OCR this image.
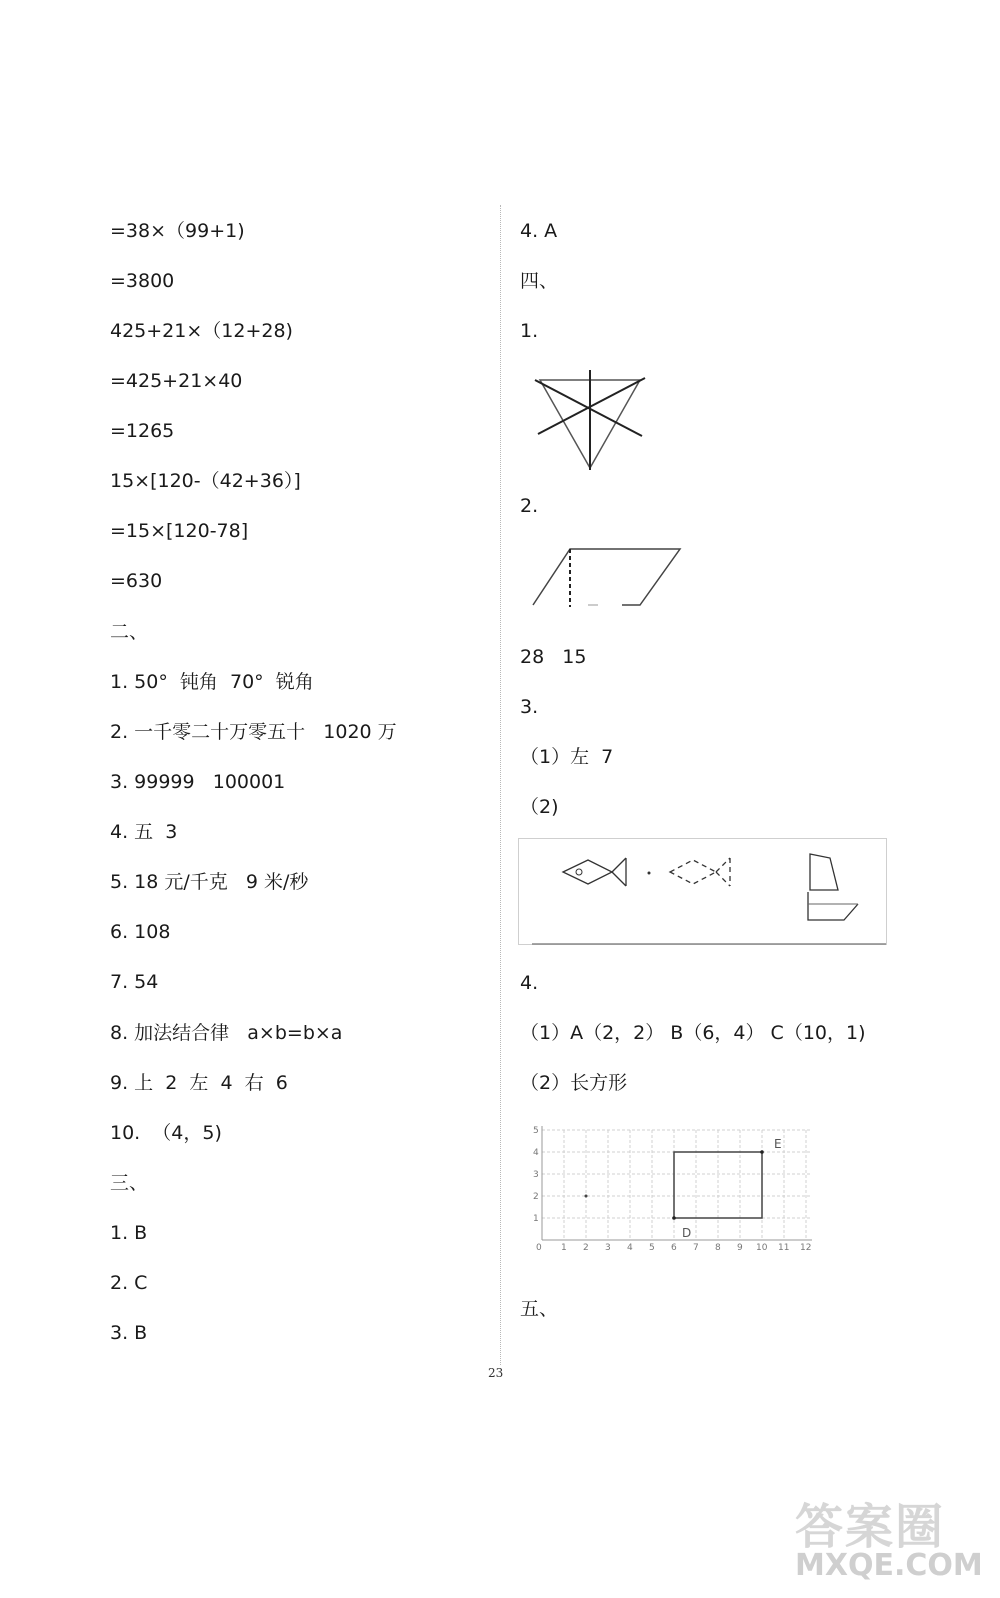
=38×（99+1)
=3800
425+21×（12+28)
=425+21×40
=1265
15×[120-（42+36）]
=15×[120-78]
=630
二、
1. 50°  钝角  70°  锐角
2. 一千零二十万零五十   1020 万
3. 99999   100001
4. 五  3
5. 18 元/千克   9 米/秒
6. 108
7. 54
8. 加法结合律   a×b=b×a
9. 上  2  左  4  右  6
10.  （4，5)
三、
1. B
2. C
3. B
4. A
四、
1.
2.
28   15
3.
（1）左  7
（2)
4.
（1）A（2，2） B（6，4） C（10，1)
（2）长方形
0 1 2 3 4 5 6 7 8 9 10 11 12
1
2
3
4
5
E
D
五、
23
答案圈
MXQE.COM
